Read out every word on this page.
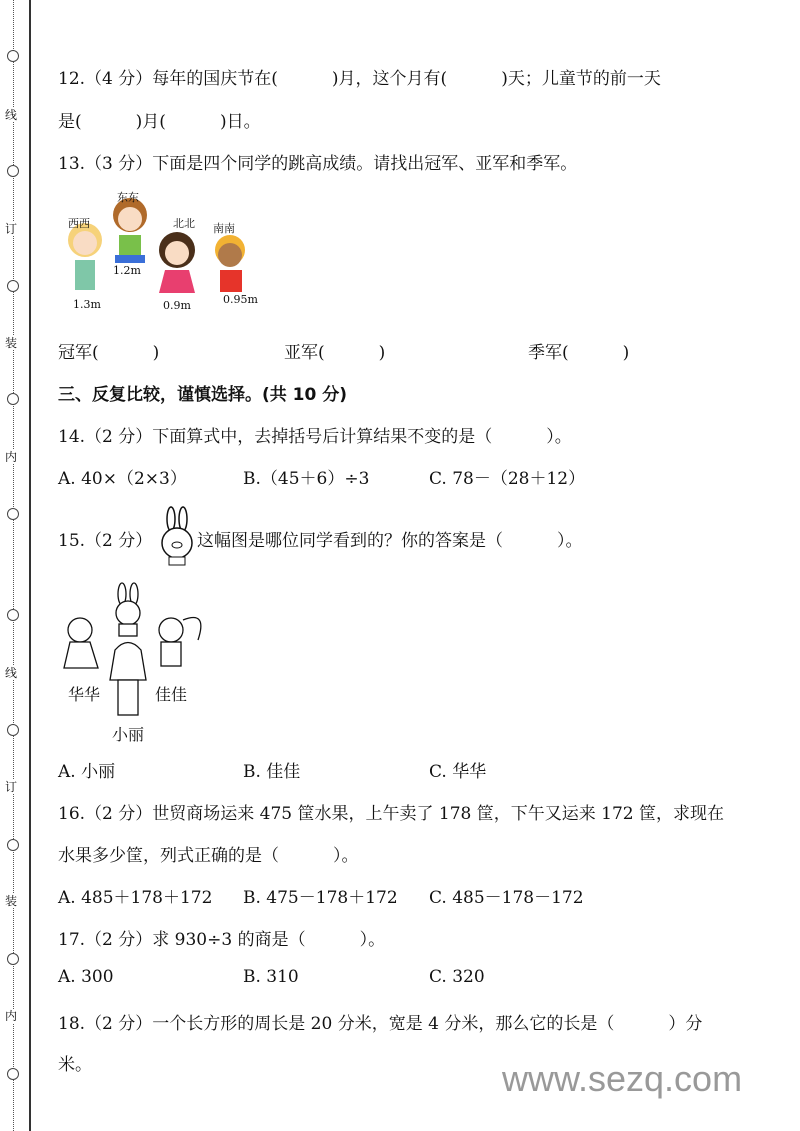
线
订
装
内
线
订
装
内
12.（4 分）每年的国庆节在(          )月，这个月有(          )天；儿童节的前一天
是(          )月(          )日。
13.（3 分）下面是四个同学的跳高成绩。请找出冠军、亚军和季军。
西西
东东
北北 南南
1.3m
1.2m
0.9m	0.95m
冠军(          )	亚军(          )	季军(          )
三、反复比较，谨慎选择。(共 10 分)
14.（2 分）下面算式中，去掉括号后计算结果不变的是（          ）。
A. 40×（2×3）	B.（45＋6）÷3	C. 78－（28＋12）
15.（2 分）	这幅图是哪位同学看到的？你的答案是（          ）。
华华	佳佳
小丽
A. 小丽	B. 佳佳	C. 华华
16.（2 分）世贸商场运来 475 筐水果，上午卖了 178 筐，下午又运来 172 筐，求现在
水果多少筐，列式正确的是（          ）。
A. 485＋178＋172 B. 475－178＋172 C. 485－178－172
17.（2 分）求 930÷3 的商是（          ）。
A. 300	B. 310	C. 320
18.（2 分）一个长方形的周长是 20 分米，宽是 4 分米，那么它的长是（          ）分
米。	www.sezq.com
